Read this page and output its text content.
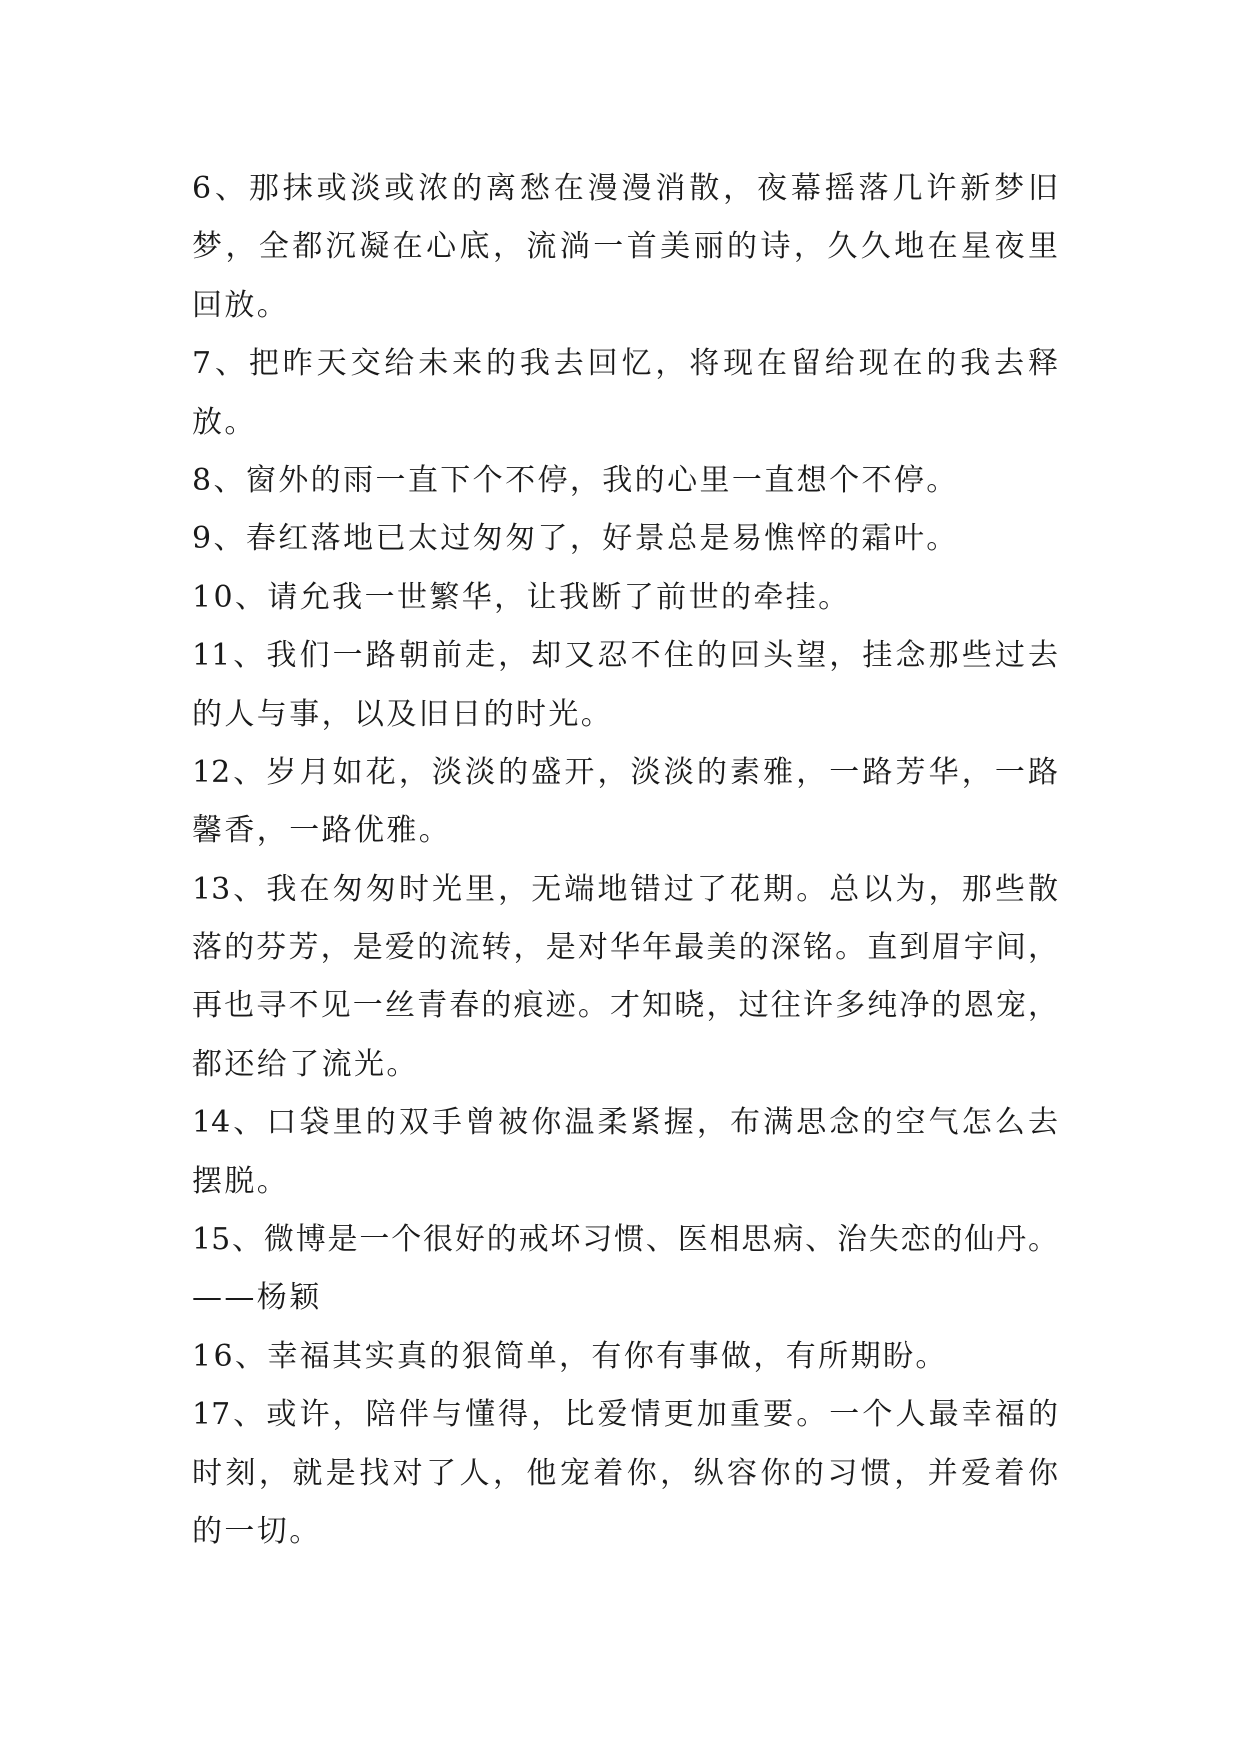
6、那抹或淡或浓的离愁在漫漫消散，夜幕摇落几许新梦旧
梦，全都沉凝在心底，流淌一首美丽的诗，久久地在星夜里
回放。
7、把昨天交给未来的我去回忆，将现在留给现在的我去释
放。
8、窗外的雨一直下个不停，我的心里一直想个不停。
9、春红落地已太过匆匆了，好景总是易憔悴的霜叶。
10、请允我一世繁华，让我断了前世的牵挂。
11、我们一路朝前走，却又忍不住的回头望，挂念那些过去
的人与事，以及旧日的时光。
12、岁月如花，淡淡的盛开，淡淡的素雅，一路芳华，一路
馨香，一路优雅。
13、我在匆匆时光里，无端地错过了花期。总以为，那些散
落的芬芳，是爱的流转，是对华年最美的深铭。直到眉宇间，
再也寻不见一丝青春的痕迹。才知晓，过往许多纯净的恩宠，
都还给了流光。
14、口袋里的双手曾被你温柔紧握，布满思念的空气怎么去
摆脱。
15、微博是一个很好的戒坏习惯、医相思病、治失恋的仙丹。
——杨颖
16、幸福其实真的狠简单，有你有事做，有所期盼。
17、或许，陪伴与懂得，比爱情更加重要。一个人最幸福的
时刻，就是找对了人，他宠着你，纵容你的习惯，并爱着你
的一切。
